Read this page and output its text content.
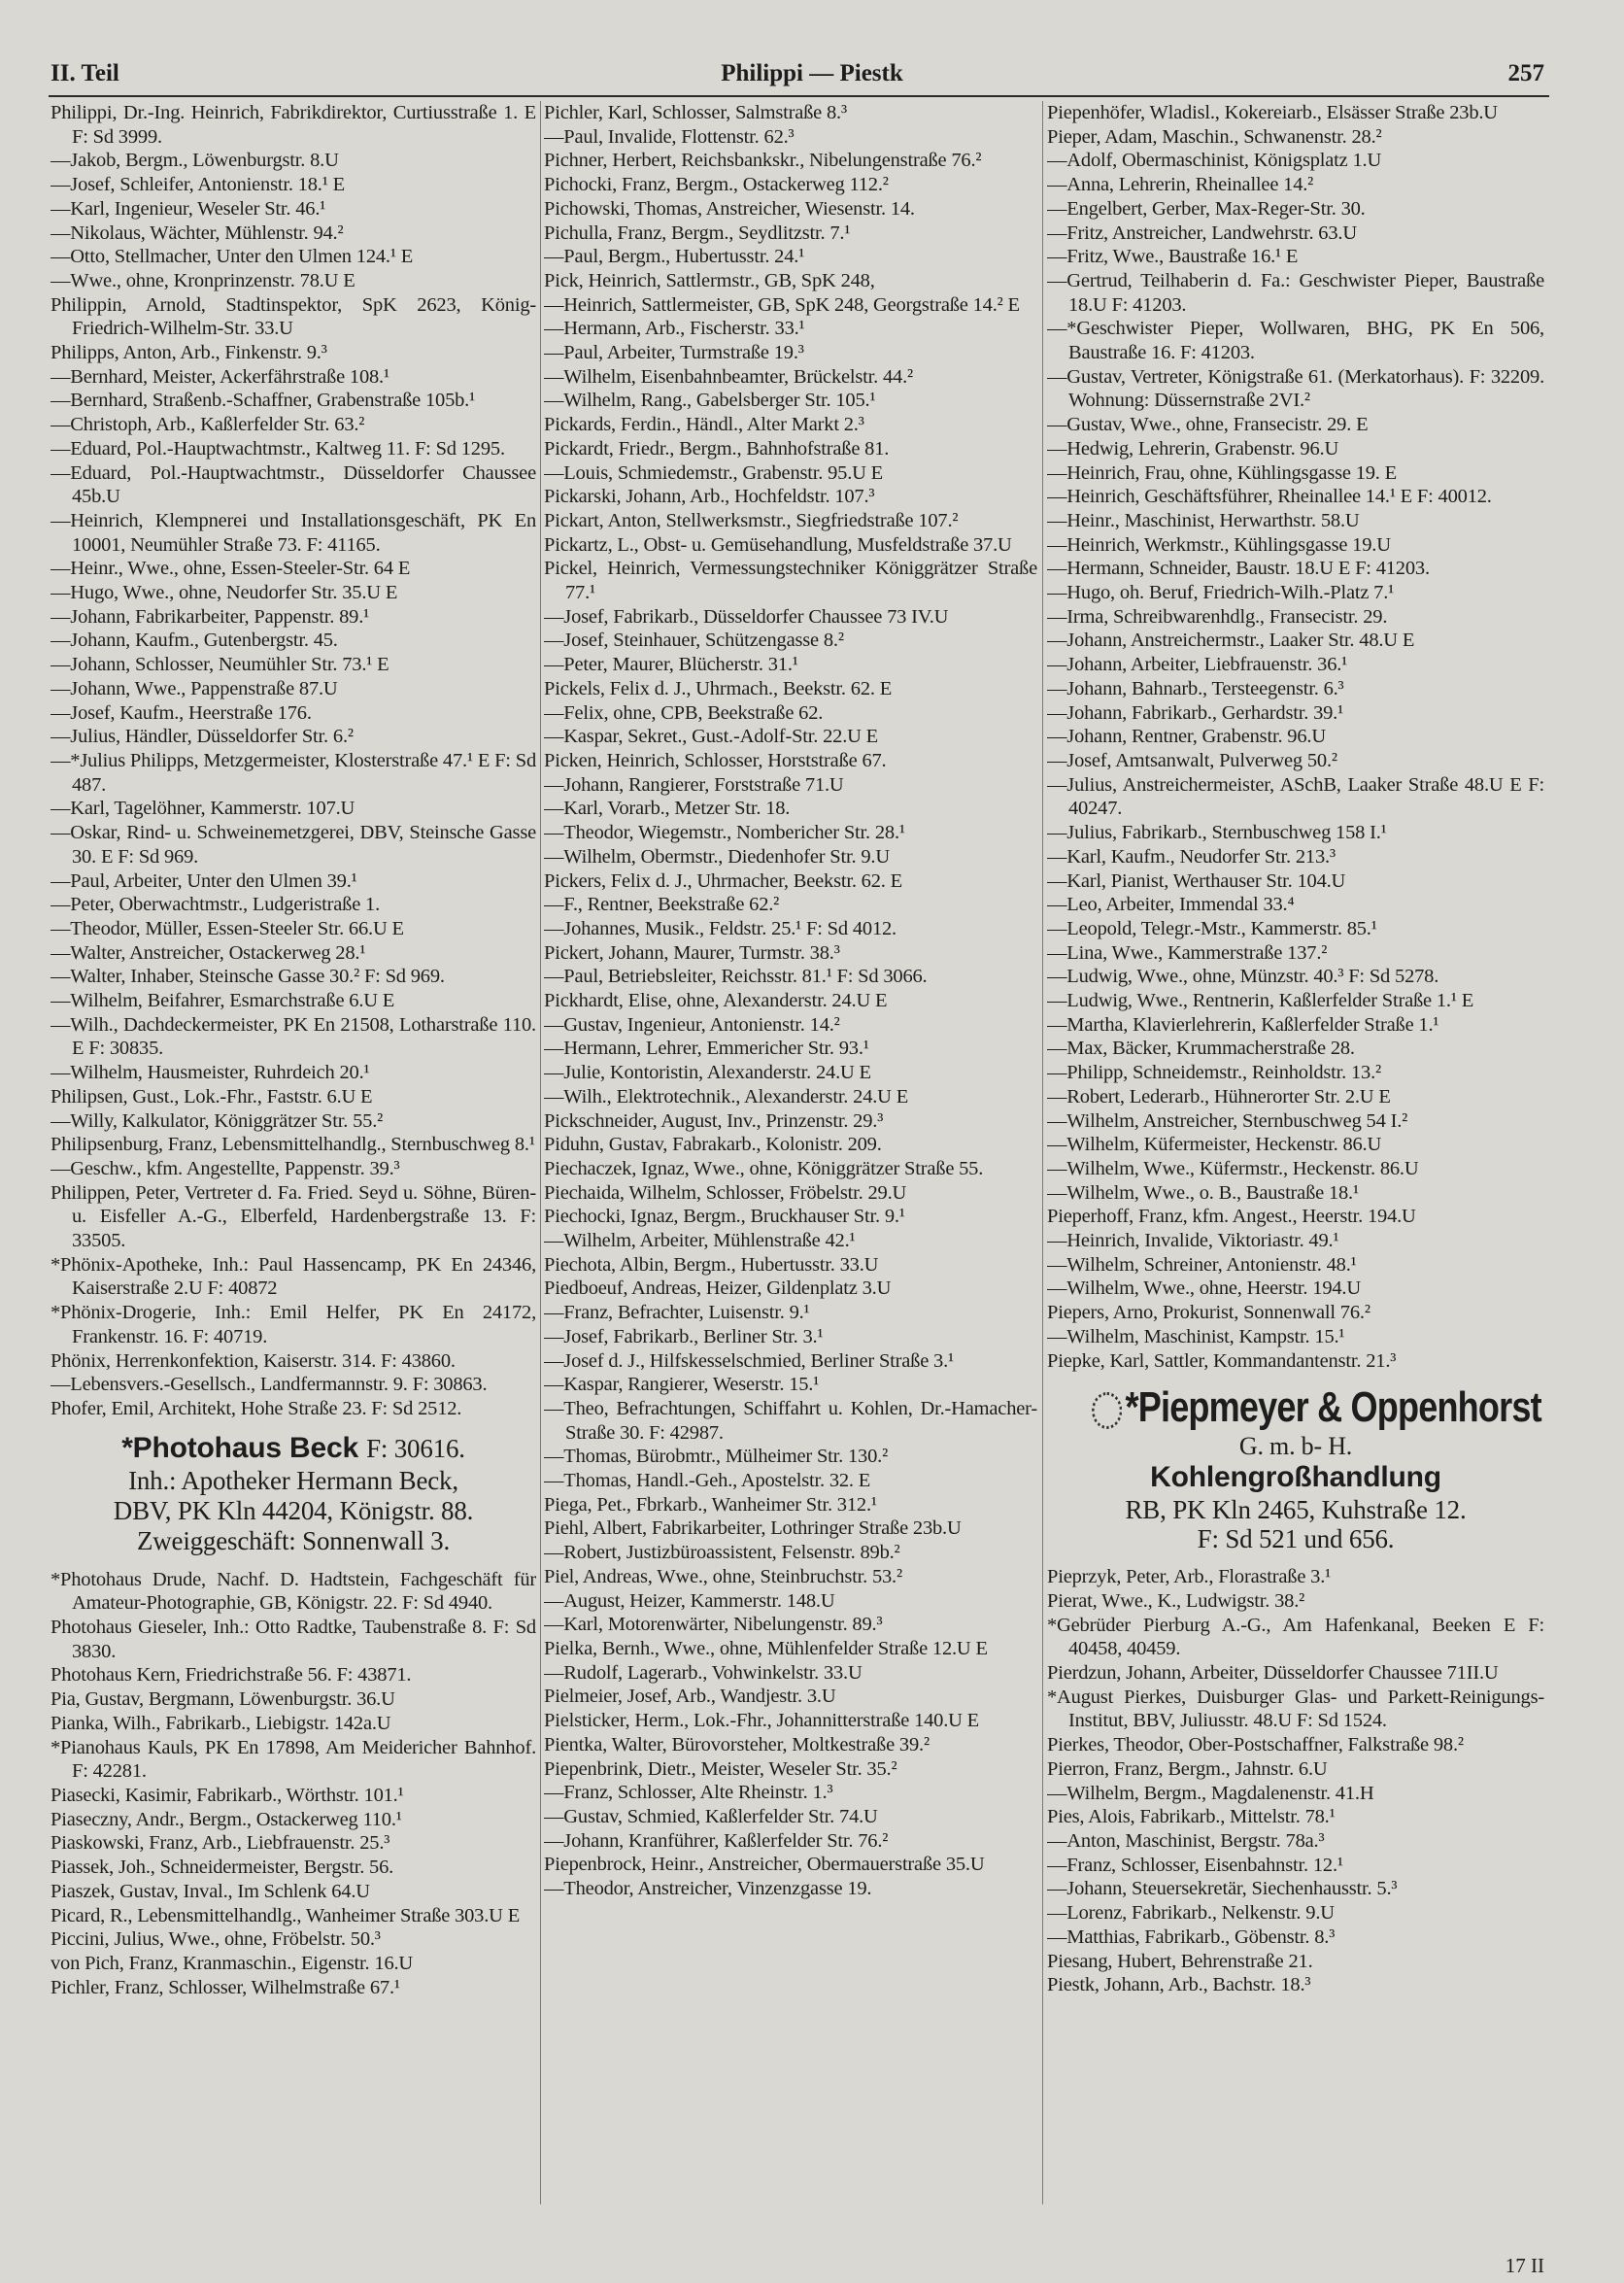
II. Teil	Philippi — Piestk	257

Philippi, Dr.-Ing. Heinrich, Fabrikdirektor, Curtiusstraße 1. E F: Sd 3999.

—Jakob, Bergm., Löwenburgstr. 8.U

—Josef, Schleifer, Antonienstr. 18.¹ E

—Karl, Ingenieur, Weseler Str. 46.¹

—Nikolaus, Wächter, Mühlenstr. 94.²

—Otto, Stellmacher, Unter den Ulmen 124.¹ E

—Wwe., ohne, Kronprinzenstr. 78.U E

Philippin, Arnold, Stadtinspektor, SpK 2623, König-Friedrich-Wilhelm-Str. 33.U

Philipps, Anton, Arb., Finkenstr. 9.³

—Bernhard, Meister, Ackerfährstraße 108.¹

—Bernhard, Straßenb.-Schaffner, Grabenstraße 105b.¹

—Christoph, Arb., Kaßlerfelder Str. 63.²

—Eduard, Pol.-Hauptwachtmstr., Kaltweg 11. F: Sd 1295.

—Eduard, Pol.-Hauptwachtmstr., Düsseldorfer Chaussee 45b.U

—Heinrich, Klempnerei und Installationsgeschäft, PK En 10001, Neumühler Straße 73. F: 41165.

—Heinr., Wwe., ohne, Essen-Steeler-Str. 64 E

—Hugo, Wwe., ohne, Neudorfer Str. 35.U E

—Johann, Fabrikarbeiter, Pappenstr. 89.¹

—Johann, Kaufm., Gutenbergstr. 45.

—Johann, Schlosser, Neumühler Str. 73.¹ E

—Johann, Wwe., Pappenstraße 87.U

—Josef, Kaufm., Heerstraße 176.

—Julius, Händler, Düsseldorfer Str. 6.²

—*Julius Philipps, Metzgermeister, Klosterstraße 47.¹ E F: Sd 487.

—Karl, Tagelöhner, Kammerstr. 107.U

—Oskar, Rind- u. Schweinemetzgerei, DBV, Steinsche Gasse 30. E F: Sd 969.

—Paul, Arbeiter, Unter den Ulmen 39.¹

—Peter, Oberwachtmstr., Ludgeristraße 1.

—Theodor, Müller, Essen-Steeler Str. 66.U E

—Walter, Anstreicher, Ostackerweg 28.¹

—Walter, Inhaber, Steinsche Gasse 30.² F: Sd 969.

—Wilhelm, Beifahrer, Esmarchstraße 6.U E

—Wilh., Dachdeckermeister, PK En 21508, Lotharstraße 110. E F: 30835.

—Wilhelm, Hausmeister, Ruhrdeich 20.¹

Philipsen, Gust., Lok.-Fhr., Faststr. 6.U E

—Willy, Kalkulator, Königgrätzer Str. 55.²

Philipsenburg, Franz, Lebensmittelhandlg., Sternbuschweg 8.¹

—Geschw., kfm. Angestellte, Pappenstr. 39.³

Philippen, Peter, Vertreter d. Fa. Fried. Seyd u. Söhne, Büren- u. Eisfeller A.-G., Elberfeld, Hardenbergstraße 13. F: 33505.

*Phönix-Apotheke, Inh.: Paul Hassencamp, PK En 24346, Kaiserstraße 2.U F: 40872

*Phönix-Drogerie, Inh.: Emil Helfer, PK En 24172, Frankenstr. 16. F: 40719.

Phönix, Herrenkonfektion, Kaiserstr. 314. F: 43860.

—Lebensvers.-Gesellsch., Landfermannstr. 9. F: 30863.

Phofer, Emil, Architekt, Hohe Straße 23. F: Sd 2512.

*Photohaus Beck F: 30616.
Inh.: Apotheker Hermann Beck,
DBV, PK Kln 44204, Königstr. 88.
Zweiggeschäft: Sonnenwall 3.

*Photohaus Drude, Nachf. D. Hadtstein, Fachgeschäft für Amateur-Photographie, GB, Königstr. 22. F: Sd 4940.

Photohaus Gieseler, Inh.: Otto Radtke, Taubenstraße 8. F: Sd 3830.

Photohaus Kern, Friedrichstraße 56. F: 43871.

Pia, Gustav, Bergmann, Löwenburgstr. 36.U

Pianka, Wilh., Fabrikarb., Liebigstr. 142a.U

*Pianohaus Kauls, PK En 17898, Am Meidericher Bahnhof. F: 42281.

Piasecki, Kasimir, Fabrikarb., Wörthstr. 101.¹

Piaseczny, Andr., Bergm., Ostackerweg 110.¹

Piaskowski, Franz, Arb., Liebfrauenstr. 25.³

Piassek, Joh., Schneidermeister, Bergstr. 56.

Piaszek, Gustav, Inval., Im Schlenk 64.U

Picard, R., Lebensmittelhandlg., Wanheimer Straße 303.U E

Piccini, Julius, Wwe., ohne, Fröbelstr. 50.³

von Pich, Franz, Kranmaschin., Eigenstr. 16.U

Pichler, Franz, Schlosser, Wilhelmstraße 67.¹

Pichler, Karl, Schlosser, Salmstraße 8.³

—Paul, Invalide, Flottenstr. 62.³

Pichner, Herbert, Reichsbankskr., Nibelungenstraße 76.²

Pichocki, Franz, Bergm., Ostackerweg 112.²

Pichowski, Thomas, Anstreicher, Wiesenstr. 14.

Pichulla, Franz, Bergm., Seydlitzstr. 7.¹

—Paul, Bergm., Hubertusstr. 24.¹

Pick, Heinrich, Sattlermstr., GB, SpK 248,

—Heinrich, Sattlermeister, GB, SpK 248, Georgstraße 14.² E

—Hermann, Arb., Fischerstr. 33.¹

—Paul, Arbeiter, Turmstraße 19.³

—Wilhelm, Eisenbahnbeamter, Brückelstr. 44.²

—Wilhelm, Rang., Gabelsberger Str. 105.¹

Pickards, Ferdin., Händl., Alter Markt 2.³

Pickardt, Friedr., Bergm., Bahnhofstraße 81.

—Louis, Schmiedemstr., Grabenstr. 95.U E

Pickarski, Johann, Arb., Hochfeldstr. 107.³

Pickart, Anton, Stellwerksmstr., Siegfriedstraße 107.²

Pickartz, L., Obst- u. Gemüsehandlung, Musfeldstraße 37.U

Pickel, Heinrich, Vermessungstechniker Königgrätzer Straße 77.¹

—Josef, Fabrikarb., Düsseldorfer Chaussee 73 IV.U

—Josef, Steinhauer, Schützengasse 8.²

—Peter, Maurer, Blücherstr. 31.¹

Pickels, Felix d. J., Uhrmach., Beekstr. 62. E

—Felix, ohne, CPB, Beekstraße 62.

—Kaspar, Sekret., Gust.-Adolf-Str. 22.U E

Picken, Heinrich, Schlosser, Horststraße 67.

—Johann, Rangierer, Forststraße 71.U

—Karl, Vorarb., Metzer Str. 18.

—Theodor, Wiegemstr., Nombericher Str. 28.¹

—Wilhelm, Obermstr., Diedenhofer Str. 9.U

Pickers, Felix d. J., Uhrmacher, Beekstr. 62. E

—F., Rentner, Beekstraße 62.²

—Johannes, Musik., Feldstr. 25.¹ F: Sd 4012.

Pickert, Johann, Maurer, Turmstr. 38.³

—Paul, Betriebsleiter, Reichsstr. 81.¹ F: Sd 3066.

Pickhardt, Elise, ohne, Alexanderstr. 24.U E

—Gustav, Ingenieur, Antonienstr. 14.²

—Hermann, Lehrer, Emmericher Str. 93.¹

—Julie, Kontoristin, Alexanderstr. 24.U E

—Wilh., Elektrotechnik., Alexanderstr. 24.U E

Pickschneider, August, Inv., Prinzenstr. 29.³

Piduhn, Gustav, Fabrakarb., Kolonistr. 209.

Piechaczek, Ignaz, Wwe., ohne, Königgrätzer Straße 55.

Piechaida, Wilhelm, Schlosser, Fröbelstr. 29.U

Piechocki, Ignaz, Bergm., Bruckhauser Str. 9.¹

—Wilhelm, Arbeiter, Mühlenstraße 42.¹

Piechota, Albin, Bergm., Hubertusstr. 33.U

Piedboeuf, Andreas, Heizer, Gildenplatz 3.U

—Franz, Befrachter, Luisenstr. 9.¹

—Josef, Fabrikarb., Berliner Str. 3.¹

—Josef d. J., Hilfskesselschmied, Berliner Straße 3.¹

—Kaspar, Rangierer, Weserstr. 15.¹

—Theo, Befrachtungen, Schiffahrt u. Kohlen, Dr.-Hamacher-Straße 30. F: 42987.

—Thomas, Bürobmtr., Mülheimer Str. 130.²

—Thomas, Handl.-Geh., Apostelstr. 32. E

Piega, Pet., Fbrkarb., Wanheimer Str. 312.¹

Piehl, Albert, Fabrikarbeiter, Lothringer Straße 23b.U

—Robert, Justizbüroassistent, Felsenstr. 89b.²

Piel, Andreas, Wwe., ohne, Steinbruchstr. 53.²

—August, Heizer, Kammerstr. 148.U

—Karl, Motorenwärter, Nibelungenstr. 89.³

Pielka, Bernh., Wwe., ohne, Mühlenfelder Straße 12.U E

—Rudolf, Lagerarb., Vohwinkelstr. 33.U

Pielmeier, Josef, Arb., Wandjestr. 3.U

Pielsticker, Herm., Lok.-Fhr., Johannitterstraße 140.U E

Pientka, Walter, Bürovorsteher, Moltkestraße 39.²

Piepenbrink, Dietr., Meister, Weseler Str. 35.²

—Franz, Schlosser, Alte Rheinstr. 1.³

—Gustav, Schmied, Kaßlerfelder Str. 74.U

—Johann, Kranführer, Kaßlerfelder Str. 76.²

Piepenbrock, Heinr., Anstreicher, Obermauerstraße 35.U

—Theodor, Anstreicher, Vinzenzgasse 19.

Piepenhöfer, Wladisl., Kokereiarb., Elsässer Straße 23b.U

Pieper, Adam, Maschin., Schwanenstr. 28.²

—Adolf, Obermaschinist, Königsplatz 1.U

—Anna, Lehrerin, Rheinallee 14.²

—Engelbert, Gerber, Max-Reger-Str. 30.

—Fritz, Anstreicher, Landwehrstr. 63.U

—Fritz, Wwe., Baustraße 16.¹ E

—Gertrud, Teilhaberin d. Fa.: Geschwister Pieper, Baustraße 18.U F: 41203.

—*Geschwister Pieper, Wollwaren, BHG, PK En 506, Baustraße 16. F: 41203.

—Gustav, Vertreter, Königstraße 61. (Merkatorhaus). F: 32209. Wohnung: Düssernstraße 2VI.²

—Gustav, Wwe., ohne, Fransecistr. 29. E

—Hedwig, Lehrerin, Grabenstr. 96.U

—Heinrich, Frau, ohne, Kühlingsgasse 19. E

—Heinrich, Geschäftsführer, Rheinallee 14.¹ E F: 40012.

—Heinr., Maschinist, Herwarthstr. 58.U

—Heinrich, Werkmstr., Kühlingsgasse 19.U

—Hermann, Schneider, Baustr. 18.U E F: 41203.

—Hugo, oh. Beruf, Friedrich-Wilh.-Platz 7.¹

—Irma, Schreibwarenhdlg., Fransecistr. 29.

—Johann, Anstreichermstr., Laaker Str. 48.U E

—Johann, Arbeiter, Liebfrauenstr. 36.¹

—Johann, Bahnarb., Tersteegenstr. 6.³

—Johann, Fabrikarb., Gerhardstr. 39.¹

—Johann, Rentner, Grabenstr. 96.U

—Josef, Amtsanwalt, Pulverweg 50.²

—Julius, Anstreichermeister, ASchB, Laaker Straße 48.U E F: 40247.

—Julius, Fabrikarb., Sternbuschweg 158 I.¹

—Karl, Kaufm., Neudorfer Str. 213.³

—Karl, Pianist, Werthauser Str. 104.U

—Leo, Arbeiter, Immendal 33.⁴

—Leopold, Telegr.-Mstr., Kammerstr. 85.¹

—Lina, Wwe., Kammerstraße 137.²

—Ludwig, Wwe., ohne, Münzstr. 40.³ F: Sd 5278.

—Ludwig, Wwe., Rentnerin, Kaßlerfelder Straße 1.¹ E

—Martha, Klavierlehrerin, Kaßlerfelder Straße 1.¹

—Max, Bäcker, Krummacherstraße 28.

—Philipp, Schneidemstr., Reinholdstr. 13.²

—Robert, Lederarb., Hühnerorter Str. 2.U E

—Wilhelm, Anstreicher, Sternbuschweg 54 I.²

—Wilhelm, Küfermeister, Heckenstr. 86.U

—Wilhelm, Wwe., Küfermstr., Heckenstr. 86.U

—Wilhelm, Wwe., o. B., Baustraße 18.¹

Pieperhoff, Franz, kfm. Angest., Heerstr. 194.U

—Heinrich, Invalide, Viktoriastr. 49.¹

—Wilhelm, Schreiner, Antonienstr. 48.¹

—Wilhelm, Wwe., ohne, Heerstr. 194.U

Piepers, Arno, Prokurist, Sonnenwall 76.²

—Wilhelm, Maschinist, Kampstr. 15.¹

Piepke, Karl, Sattler, Kommandantenstr. 21.³

*Piepmeyer & Oppenhorst
G. m. b- H.
Kohlengroßhandlung
RB, PK Kln 2465, Kuhstraße 12.
F: Sd 521 und 656.

Pieprzyk, Peter, Arb., Florastraße 3.¹

Pierat, Wwe., K., Ludwigstr. 38.²

*Gebrüder Pierburg A.-G., Am Hafenkanal, Beeken E F: 40458, 40459.

Pierdzun, Johann, Arbeiter, Düsseldorfer Chaussee 71II.U

*August Pierkes, Duisburger Glas- und Parkett-Reinigungs-Institut, BBV, Juliusstr. 48.U F: Sd 1524.

Pierkes, Theodor, Ober-Postschaffner, Falkstraße 98.²

Pierron, Franz, Bergm., Jahnstr. 6.U

—Wilhelm, Bergm., Magdalenenstr. 41.H

Pies, Alois, Fabrikarb., Mittelstr. 78.¹

—Anton, Maschinist, Bergstr. 78a.³

—Franz, Schlosser, Eisenbahnstr. 12.¹

—Johann, Steuersekretär, Siechenhausstr. 5.³

—Lorenz, Fabrikarb., Nelkenstr. 9.U

—Matthias, Fabrikarb., Göbenstr. 8.³

Piesang, Hubert, Behrenstraße 21.

Piestk, Johann, Arb., Bachstr. 18.³

17 II
